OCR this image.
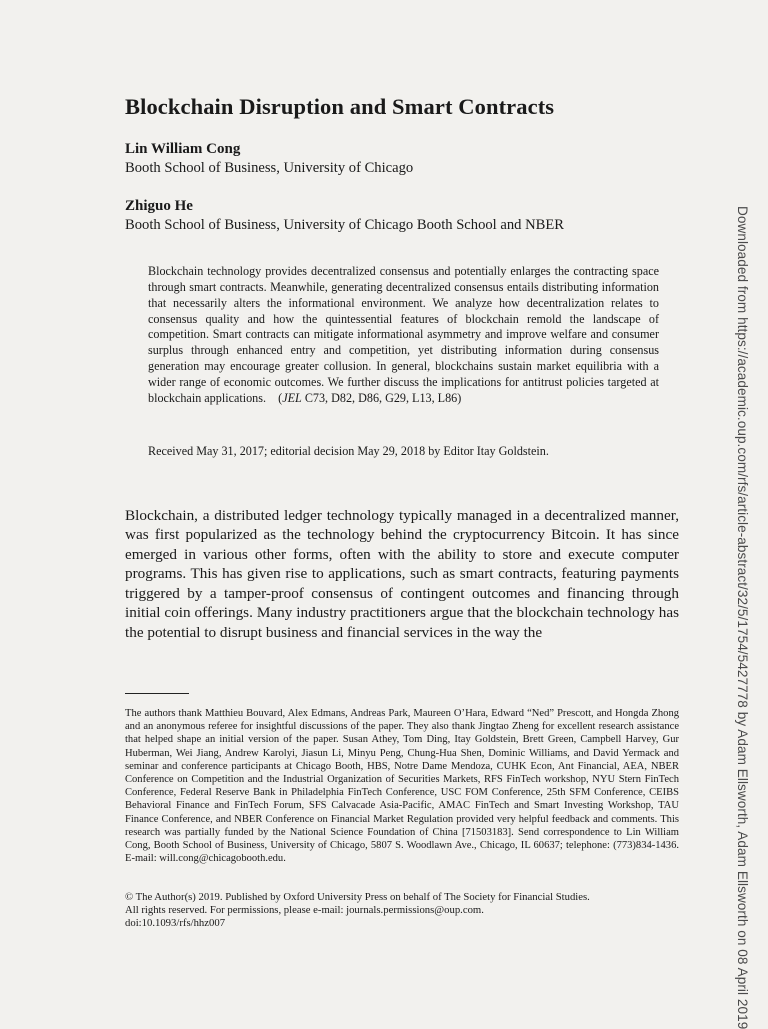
Blockchain Disruption and Smart Contracts
Lin William Cong
Booth School of Business, University of Chicago
Zhiguo He
Booth School of Business, University of Chicago Booth School and NBER
Blockchain technology provides decentralized consensus and potentially enlarges the contracting space through smart contracts. Meanwhile, generating decentralized consensus entails distributing information that necessarily alters the informational environment. We analyze how decentralization relates to consensus quality and how the quintessential features of blockchain remold the landscape of competition. Smart contracts can mitigate informational asymmetry and improve welfare and consumer surplus through enhanced entry and competition, yet distributing information during consensus generation may encourage greater collusion. In general, blockchains sustain market equilibria with a wider range of economic outcomes. We further discuss the implications for antitrust policies targeted at blockchain applications.    (JEL C73, D82, D86, G29, L13, L86)
Received May 31, 2017; editorial decision May 29, 2018 by Editor Itay Goldstein.
Blockchain, a distributed ledger technology typically managed in a decentralized manner, was first popularized as the technology behind the cryptocurrency Bitcoin. It has since emerged in various other forms, often with the ability to store and execute computer programs. This has given rise to applications, such as smart contracts, featuring payments triggered by a tamper-proof consensus of contingent outcomes and financing through initial coin offerings. Many industry practitioners argue that the blockchain technology has the potential to disrupt business and financial services in the way the
The authors thank Matthieu Bouvard, Alex Edmans, Andreas Park, Maureen O’Hara, Edward “Ned” Prescott, and Hongda Zhong and an anonymous referee for insightful discussions of the paper. They also thank Jingtao Zheng for excellent research assistance that helped shape an initial version of the paper. Susan Athey, Tom Ding, Itay Goldstein, Brett Green, Campbell Harvey, Gur Huberman, Wei Jiang, Andrew Karolyi, Jiasun Li, Minyu Peng, Chung-Hua Shen, Dominic Williams, and David Yermack and seminar and conference participants at Chicago Booth, HBS, Notre Dame Mendoza, CUHK Econ, Ant Financial, AEA, NBER Conference on Competition and the Industrial Organization of Securities Markets, RFS FinTech workshop, NYU Stern FinTech Conference, Federal Reserve Bank in Philadelphia FinTech Conference, USC FOM Conference, 25th SFM Conference, CEIBS Behavioral Finance and FinTech Forum, SFS Calvacade Asia-Pacific, AMAC FinTech and Smart Investing Workshop, TAU Finance Conference, and NBER Conference on Financial Market Regulation provided very helpful feedback and comments. This research was partially funded by the National Science Foundation of China [71503183]. Send correspondence to Lin William Cong, Booth School of Business, University of Chicago, 5807 S. Woodlawn Ave., Chicago, IL 60637; telephone: (773)834-1436. E-mail: will.cong@chicagobooth.edu.
© The Author(s) 2019. Published by Oxford University Press on behalf of The Society for Financial Studies.
All rights reserved. For permissions, please e-mail: journals.permissions@oup.com.
doi:10.1093/rfs/hhz007	Downloaded from https://academic.oup.com/rfs/article-abstract/32/5/1754/5427778 by Adam Ellsworth, Adam Ellsworth on 08 April 2019
